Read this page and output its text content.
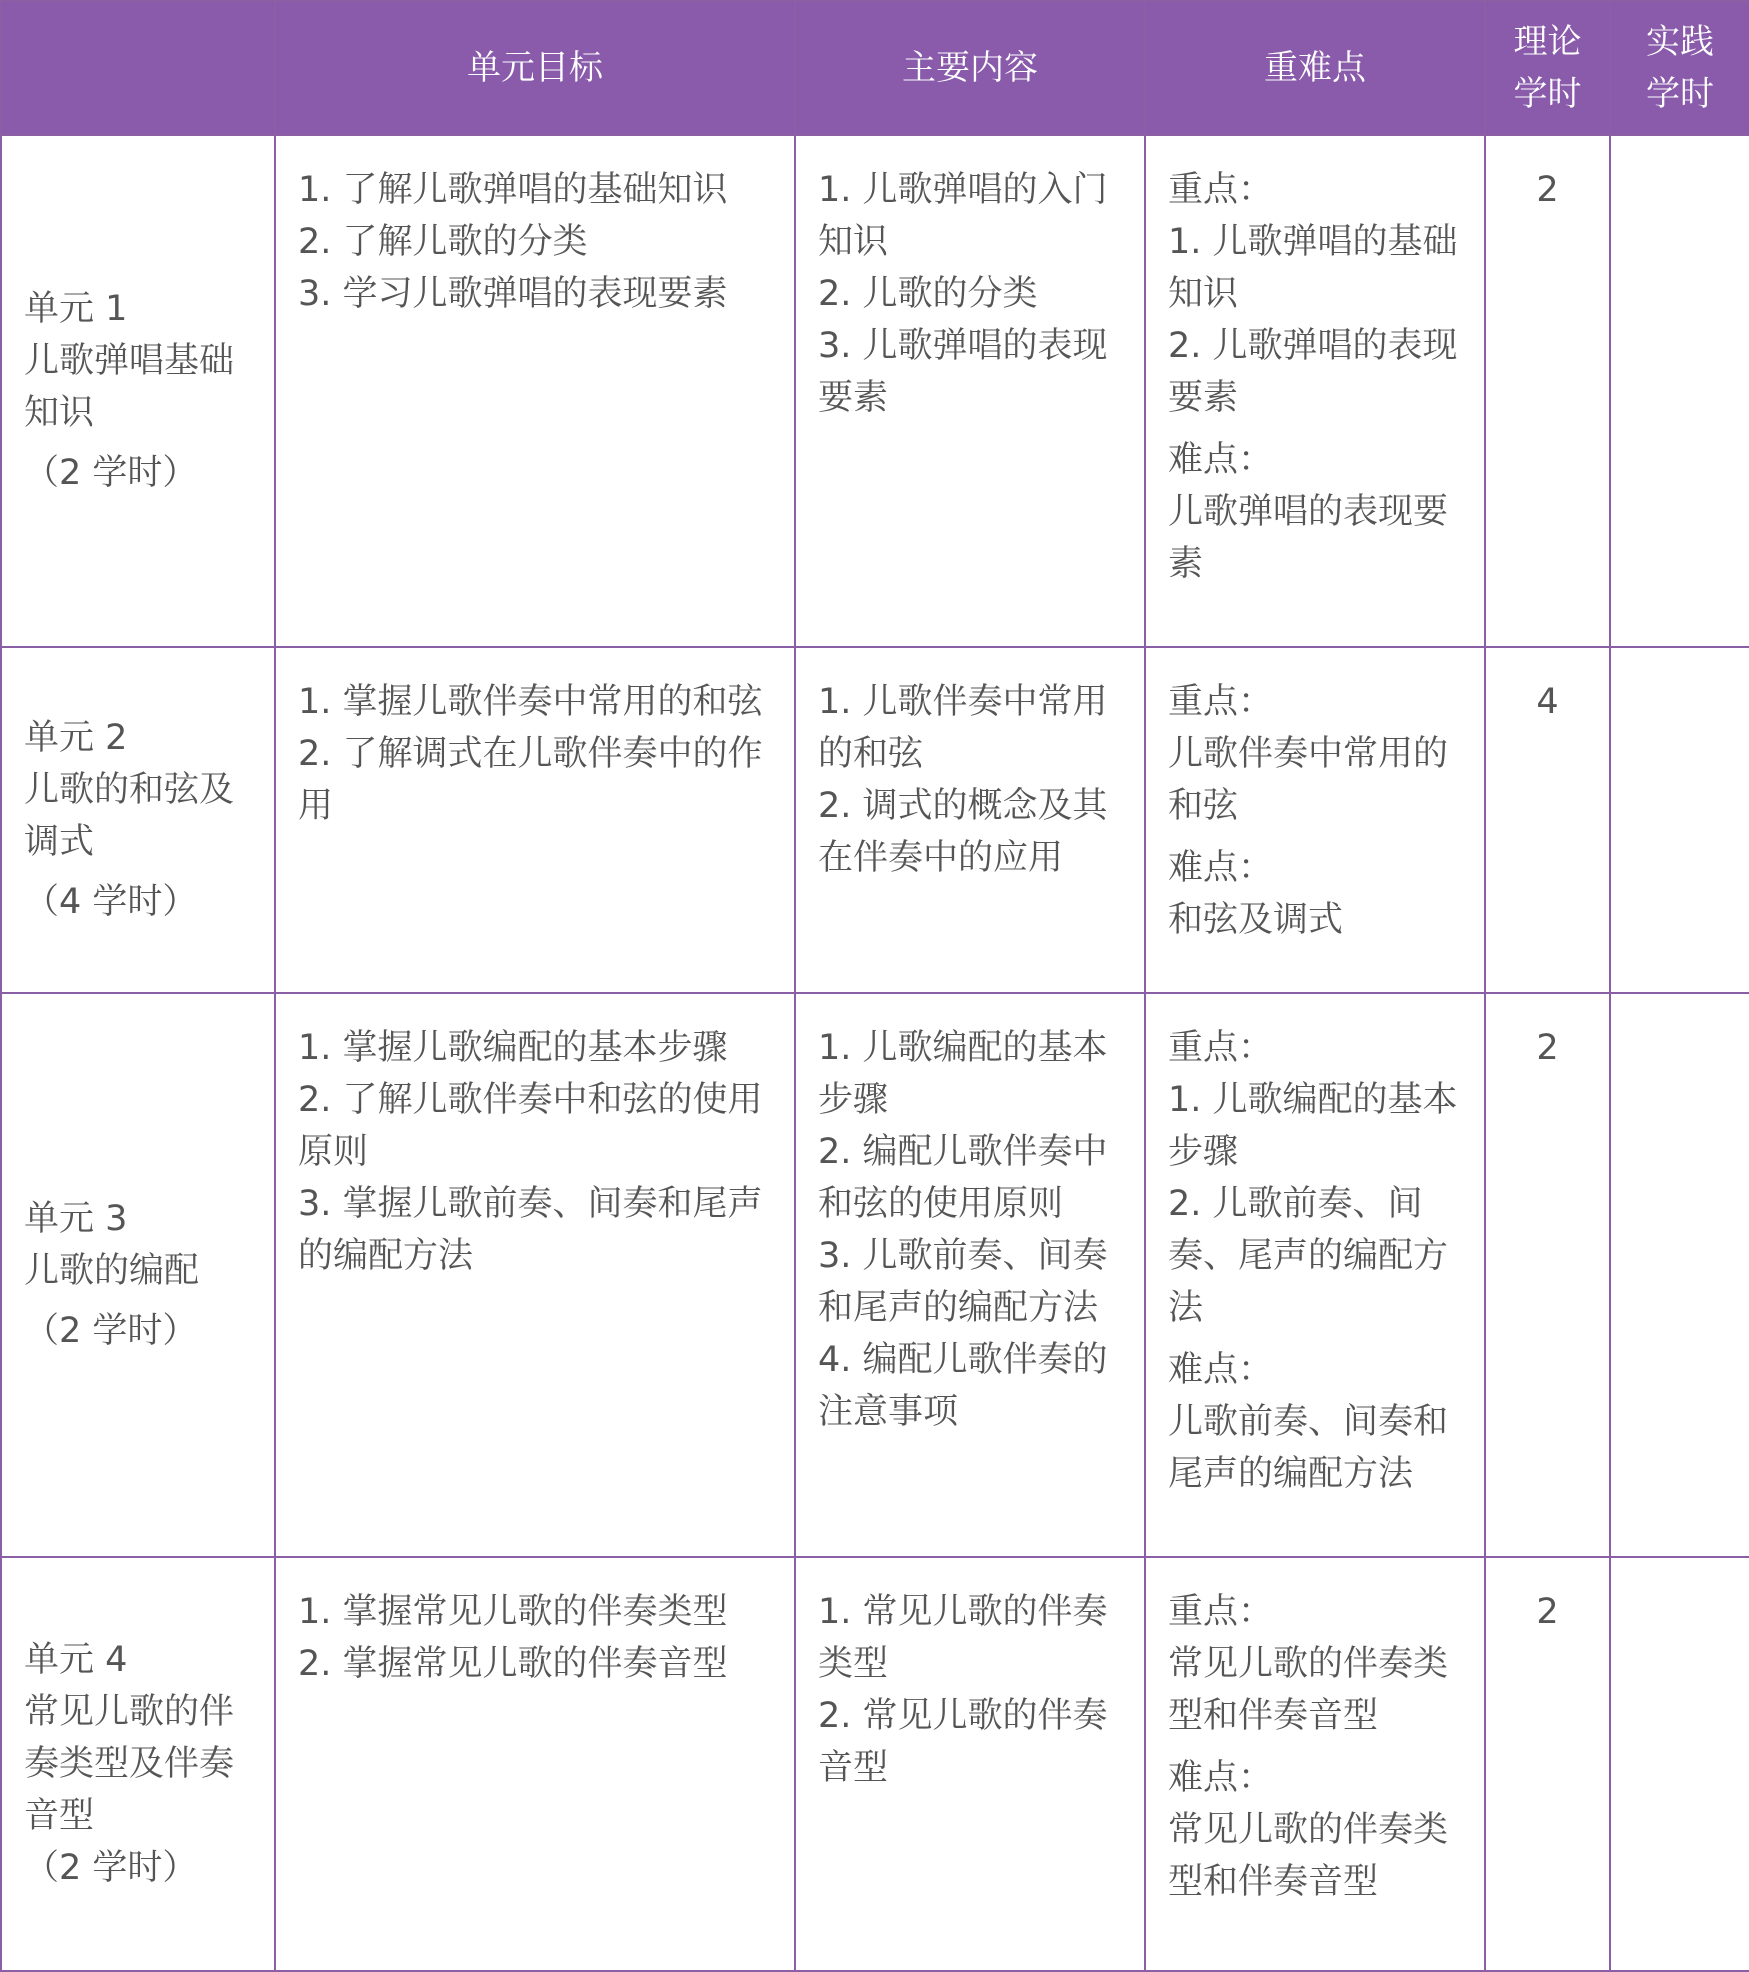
	单元目标	主要内容	重难点	理论
学时	实践
学时

单元 1
儿歌弹唱基础
知识
（2 学时）	1. 了解儿歌弹唱的基础知识
2. 了解儿歌的分类
3. 学习儿歌弹唱的表现要素	1. 儿歌弹唱的入门知识
2. 儿歌的分类
3. 儿歌弹唱的表现要素	重点：
1. 儿歌弹唱的基础知识
2. 儿歌弹唱的表现要素
难点：
儿歌弹唱的表现要素	2	

单元 2
儿歌的和弦及
调式
（4 学时）	1. 掌握儿歌伴奏中常用的和弦
2. 了解调式在儿歌伴奏中的作用	1. 儿歌伴奏中常用的和弦
2. 调式的概念及其在伴奏中的应用	重点：
儿歌伴奏中常用的和弦
难点：
和弦及调式	4	

单元 3
儿歌的编配
（2 学时）	1. 掌握儿歌编配的基本步骤
2. 了解儿歌伴奏中和弦的使用原则
3. 掌握儿歌前奏、间奏和尾声的编配方法	1. 儿歌编配的基本步骤
2. 编配儿歌伴奏中和弦的使用原则
3. 儿歌前奏、间奏和尾声的编配方法
4. 编配儿歌伴奏的注意事项	重点：
1. 儿歌编配的基本步骤
2. 儿歌前奏、间奏、尾声的编配方法
难点：
儿歌前奏、间奏和尾声的编配方法	2	

单元 4
常见儿歌的伴
奏类型及伴奏
音型
（2 学时）	1. 掌握常见儿歌的伴奏类型
2. 掌握常见儿歌的伴奏音型	1. 常见儿歌的伴奏类型
2. 常见儿歌的伴奏音型	重点：
常见儿歌的伴奏类型和伴奏音型
难点：
常见儿歌的伴奏类型和伴奏音型	2	
